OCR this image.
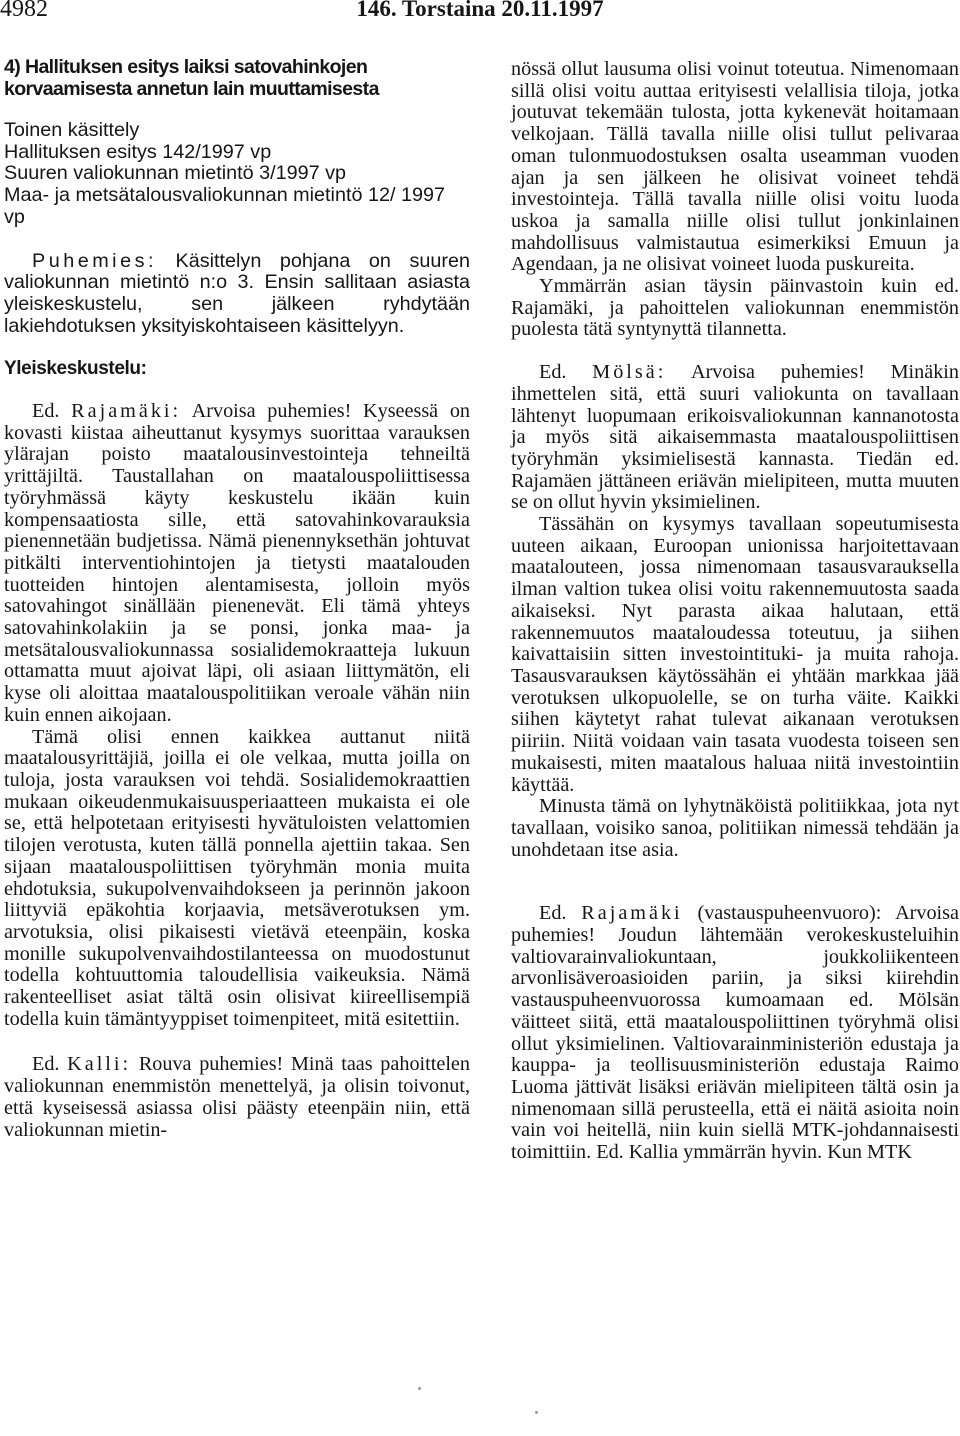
4982	146. Torstaina 20.11.1997
4) Hallituksen esitys laiksi satovahinkojen korvaamisesta annetun lain muuttamisesta
Toinen käsittely
Hallituksen esitys 142/1997 vp
Suuren valiokunnan mietintö 3/1997 vp
Maa- ja metsätalousvaliokunnan mietintö 12/ 1997 vp

Puhemies: Käsittelyn pohjana on suuren valiokunnan mietintö n:o 3. Ensin sallitaan asiasta yleiskeskustelu, sen jälkeen ryhdytään lakiehdotuksen yksityiskohtaiseen käsittelyyn.

Yleiskeskustelu:

Ed. Rajamäki: Arvoisa puhemies! Kyseessä on kovasti kiistaa aiheuttanut kysymys suorittaa varauksen ylärajan poisto maatalousinvestointeja tehneiltä yrittäjiltä. Taustallahan on maatalouspoliittisessa työryhmässä käyty keskustelu ikään kuin kompensaatiosta sille, että satovahinkovarauksia pienennetään budjetissa. Nämä pienennyksethän johtuvat pitkälti interventiohintojen ja tietysti maatalouden tuotteiden hintojen alentamisesta, jolloin myös satovahingot sinällään pienenevät. Eli tämä yhteys satovahinkolakiin ja se ponsi, jonka maa- ja metsätalousvaliokunnassa sosialidemokraatteja lukuun ottamatta muut ajoivat läpi, oli asiaan liittymätön, eli kyse oli aloittaa maatalouspolitiikan veroale vähän niin kuin ennen aikojaan.

Tämä olisi ennen kaikkea auttanut niitä maatalousyrittäjiä, joilla ei ole velkaa, mutta joilla on tuloja, josta varauksen voi tehdä. Sosialidemokraattien mukaan oikeudenmukaisuusperiaatteen mukaista ei ole se, että helpotetaan erityisesti hyvätuloisten velattomien tilojen verotusta, kuten tällä ponnella ajettiin takaa. Sen sijaan maatalouspoliittisen työryhmän monia muita ehdotuksia, sukupolvenvaihdokseen ja perinnön jakoon liittyviä epäkohtia korjaavia, metsäverotuksen ym. arvotuksia, olisi pikaisesti vietävä eteenpäin, koska monille sukupolvenvaihdostilanteessa on muodostunut todella kohtuuttomia taloudellisia vaikeuksia. Nämä rakenteelliset asiat tältä osin olisivat kiireellisempiä todella kuin tämäntyyppiset toimenpiteet, mitä esitettiin.

Ed. Kalli: Rouva puhemies! Minä taas pahoittelen valiokunnan enemmistön menettelyä, ja olisin toivonut, että kyseisessä asiassa olisi päästy eteenpäin niin, että valiokunnan mietin-

nössä ollut lausuma olisi voinut toteutua. Nimenomaan sillä olisi voitu auttaa erityisesti velallisia tiloja, jotka joutuvat tekemään tulosta, jotta kykenevät hoitamaan velkojaan. Tällä tavalla niille olisi tullut pelivaraa oman tulonmuodostuksen osalta useamman vuoden ajan ja sen jälkeen he olisivat voineet tehdä investointeja. Tällä tavalla niille olisi voitu luoda uskoa ja samalla niille olisi tullut jonkinlainen mahdollisuus valmistautua esimerkiksi Emuun ja Agendaan, ja ne olisivat voineet luoda puskureita.

Ymmärrän asian täysin päinvastoin kuin ed. Rajamäki, ja pahoittelen valiokunnan enemmistön puolesta tätä syntynyttä tilannetta.

Ed. Mölsä: Arvoisa puhemies! Minäkin ihmettelen sitä, että suuri valiokunta on tavallaan lähtenyt luopumaan erikoisvaliokunnan kannanotosta ja myös sitä aikaisemmasta maatalouspoliittisen työryhmän yksimielisestä kannasta. Tiedän ed. Rajamäen jättäneen eriävän mielipiteen, mutta muuten se on ollut hyvin yksimielinen.

Tässähän on kysymys tavallaan sopeutumisesta uuteen aikaan, Euroopan unionissa harjoitettavaan maatalouteen, jossa nimenomaan tasausvarauksella ilman valtion tukea olisi voitu rakennemuutosta saada aikaiseksi. Nyt parasta aikaa halutaan, että rakennemuutos maataloudessa toteutuu, ja siihen kaivattaisiin sitten investointituki- ja muita rahoja. Tasausvarauksen käytössähän ei yhtään markkaa jää verotuksen ulkopuolelle, se on turha väite. Kaikki siihen käytetyt rahat tulevat aikanaan verotuksen piiriin. Niitä voidaan vain tasata vuodesta toiseen sen mukaisesti, miten maatalous haluaa niitä investointiin käyttää.

Minusta tämä on lyhytnäköistä politiikkaa, jota nyt tavallaan, voisiko sanoa, politiikan nimessä tehdään ja unohdetaan itse asia.

Ed. Rajamäki (vastauspuheenvuoro): Arvoisa puhemies! Joudun lähtemään verokeskusteluihin valtiovarainvaliokuntaan, joukkoliikenteen arvonlisäveroasioiden pariin, ja siksi kiirehdin vastauspuheenvuorossa kumoamaan ed. Mölsän väitteet siitä, että maatalouspoliittinen työryhmä olisi ollut yksimielinen. Valtiovarainministeriön edustaja ja kauppa- ja teollisuusministeriön edustaja Raimo Luoma jättivät lisäksi eriävän mielipiteen tältä osin ja nimenomaan sillä perusteella, että ei näitä asioita noin vain voi heitellä, niin kuin siellä MTK-johdannaisesti toimittiin. Ed. Kallia ymmärrän hyvin. Kun MTK
